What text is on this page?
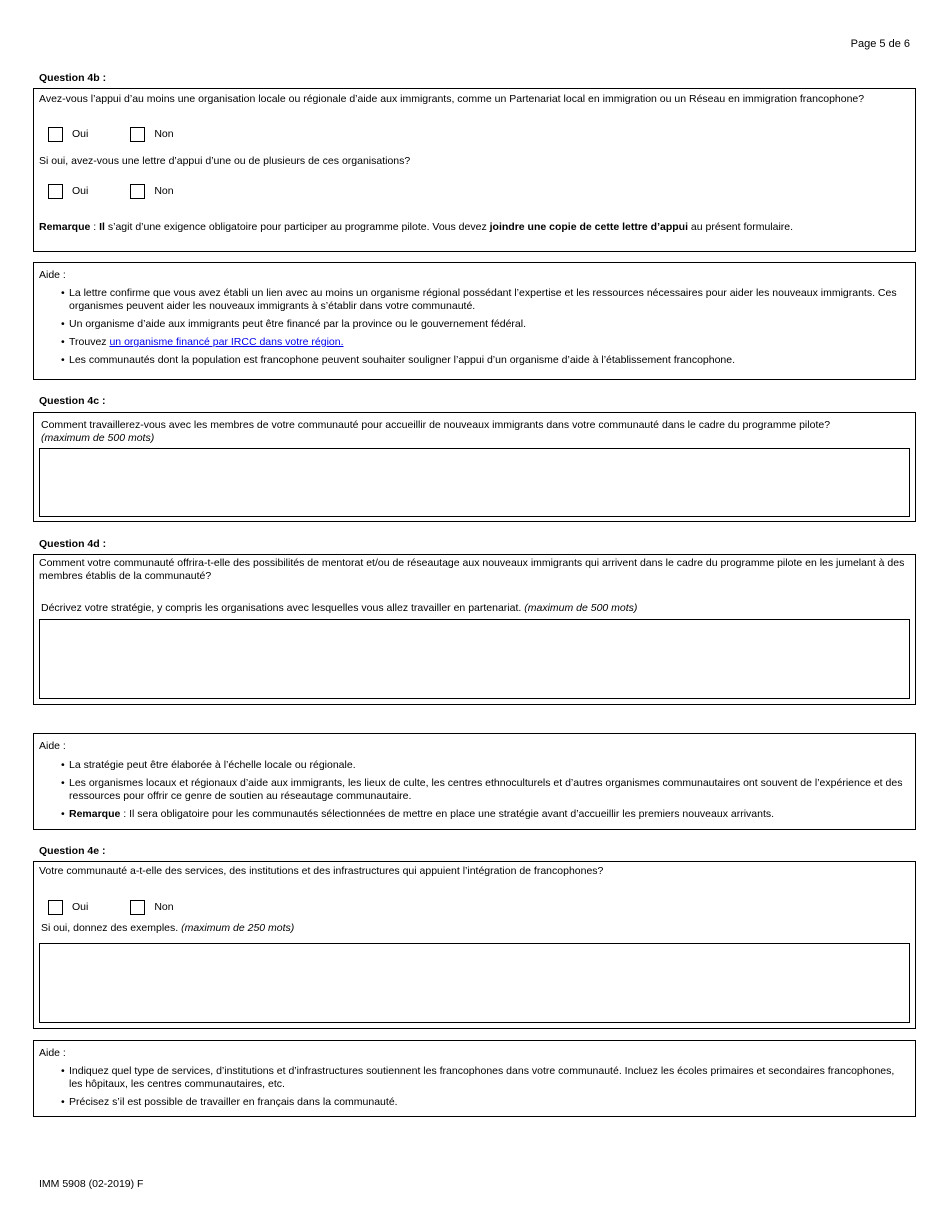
Page 5 de 6
Question 4b :
Avez-vous l’appui d’au moins une organisation locale ou régionale d’aide aux immigrants, comme un Partenariat local en immigration ou un Réseau en immigration francophone?
Oui	Non
Si oui, avez-vous une lettre d’appui d’une ou de plusieurs de ces organisations?
Oui	Non
Remarque : Il s’agit d’une exigence obligatoire pour participer au programme pilote. Vous devez joindre une copie de cette lettre d’appui au présent formulaire.
Aide :
• La lettre confirme que vous avez établi un lien avec au moins un organisme régional possédant l’expertise et les ressources nécessaires pour aider les nouveaux immigrants. Ces organismes peuvent aider les nouveaux immigrants à s’établir dans votre communauté.
• Un organisme d’aide aux immigrants peut être financé par la province ou le gouvernement fédéral.
• Trouvez un organisme financé par IRCC dans votre région.
• Les communautés dont la population est francophone peuvent souhaiter souligner l’appui d’un organisme d’aide à l’établissement francophone.
Question 4c :
Comment travaillerez-vous avec les membres de votre communauté pour accueillir de nouveaux immigrants dans votre communauté dans le cadre du programme pilote?
(maximum de 500 mots)
Question 4d :
Comment votre communauté offrira-t-elle des possibilités de mentorat et/ou de réseautage aux nouveaux immigrants qui arrivent dans le cadre du programme pilote en les jumelant à des membres établis de la communauté?
Décrivez votre stratégie, y compris les organisations avec lesquelles vous allez travailler en partenariat. (maximum de 500 mots)
Aide :
• La stratégie peut être élaborée à l’échelle locale ou régionale.
• Les organismes locaux et régionaux d’aide aux immigrants, les lieux de culte, les centres ethnoculturels et d’autres organismes communautaires ont souvent de l’expérience et des ressources pour offrir ce genre de soutien au réseautage communautaire.
• Remarque : Il sera obligatoire pour les communautés sélectionnées de mettre en place une stratégie avant d’accueillir les premiers nouveaux arrivants.
Question 4e :
Votre communauté a-t-elle des services, des institutions et des infrastructures qui appuient l’intégration de francophones?
Oui	Non
Si oui, donnez des exemples. (maximum de 250 mots)
Aide :
• Indiquez quel type de services, d’institutions et d’infrastructures soutiennent les francophones dans votre communauté. Incluez les écoles primaires et secondaires francophones, les hôpitaux, les centres communautaires, etc.
• Précisez s’il est possible de travailler en français dans la communauté.
IMM 5908 (02-2019) F
